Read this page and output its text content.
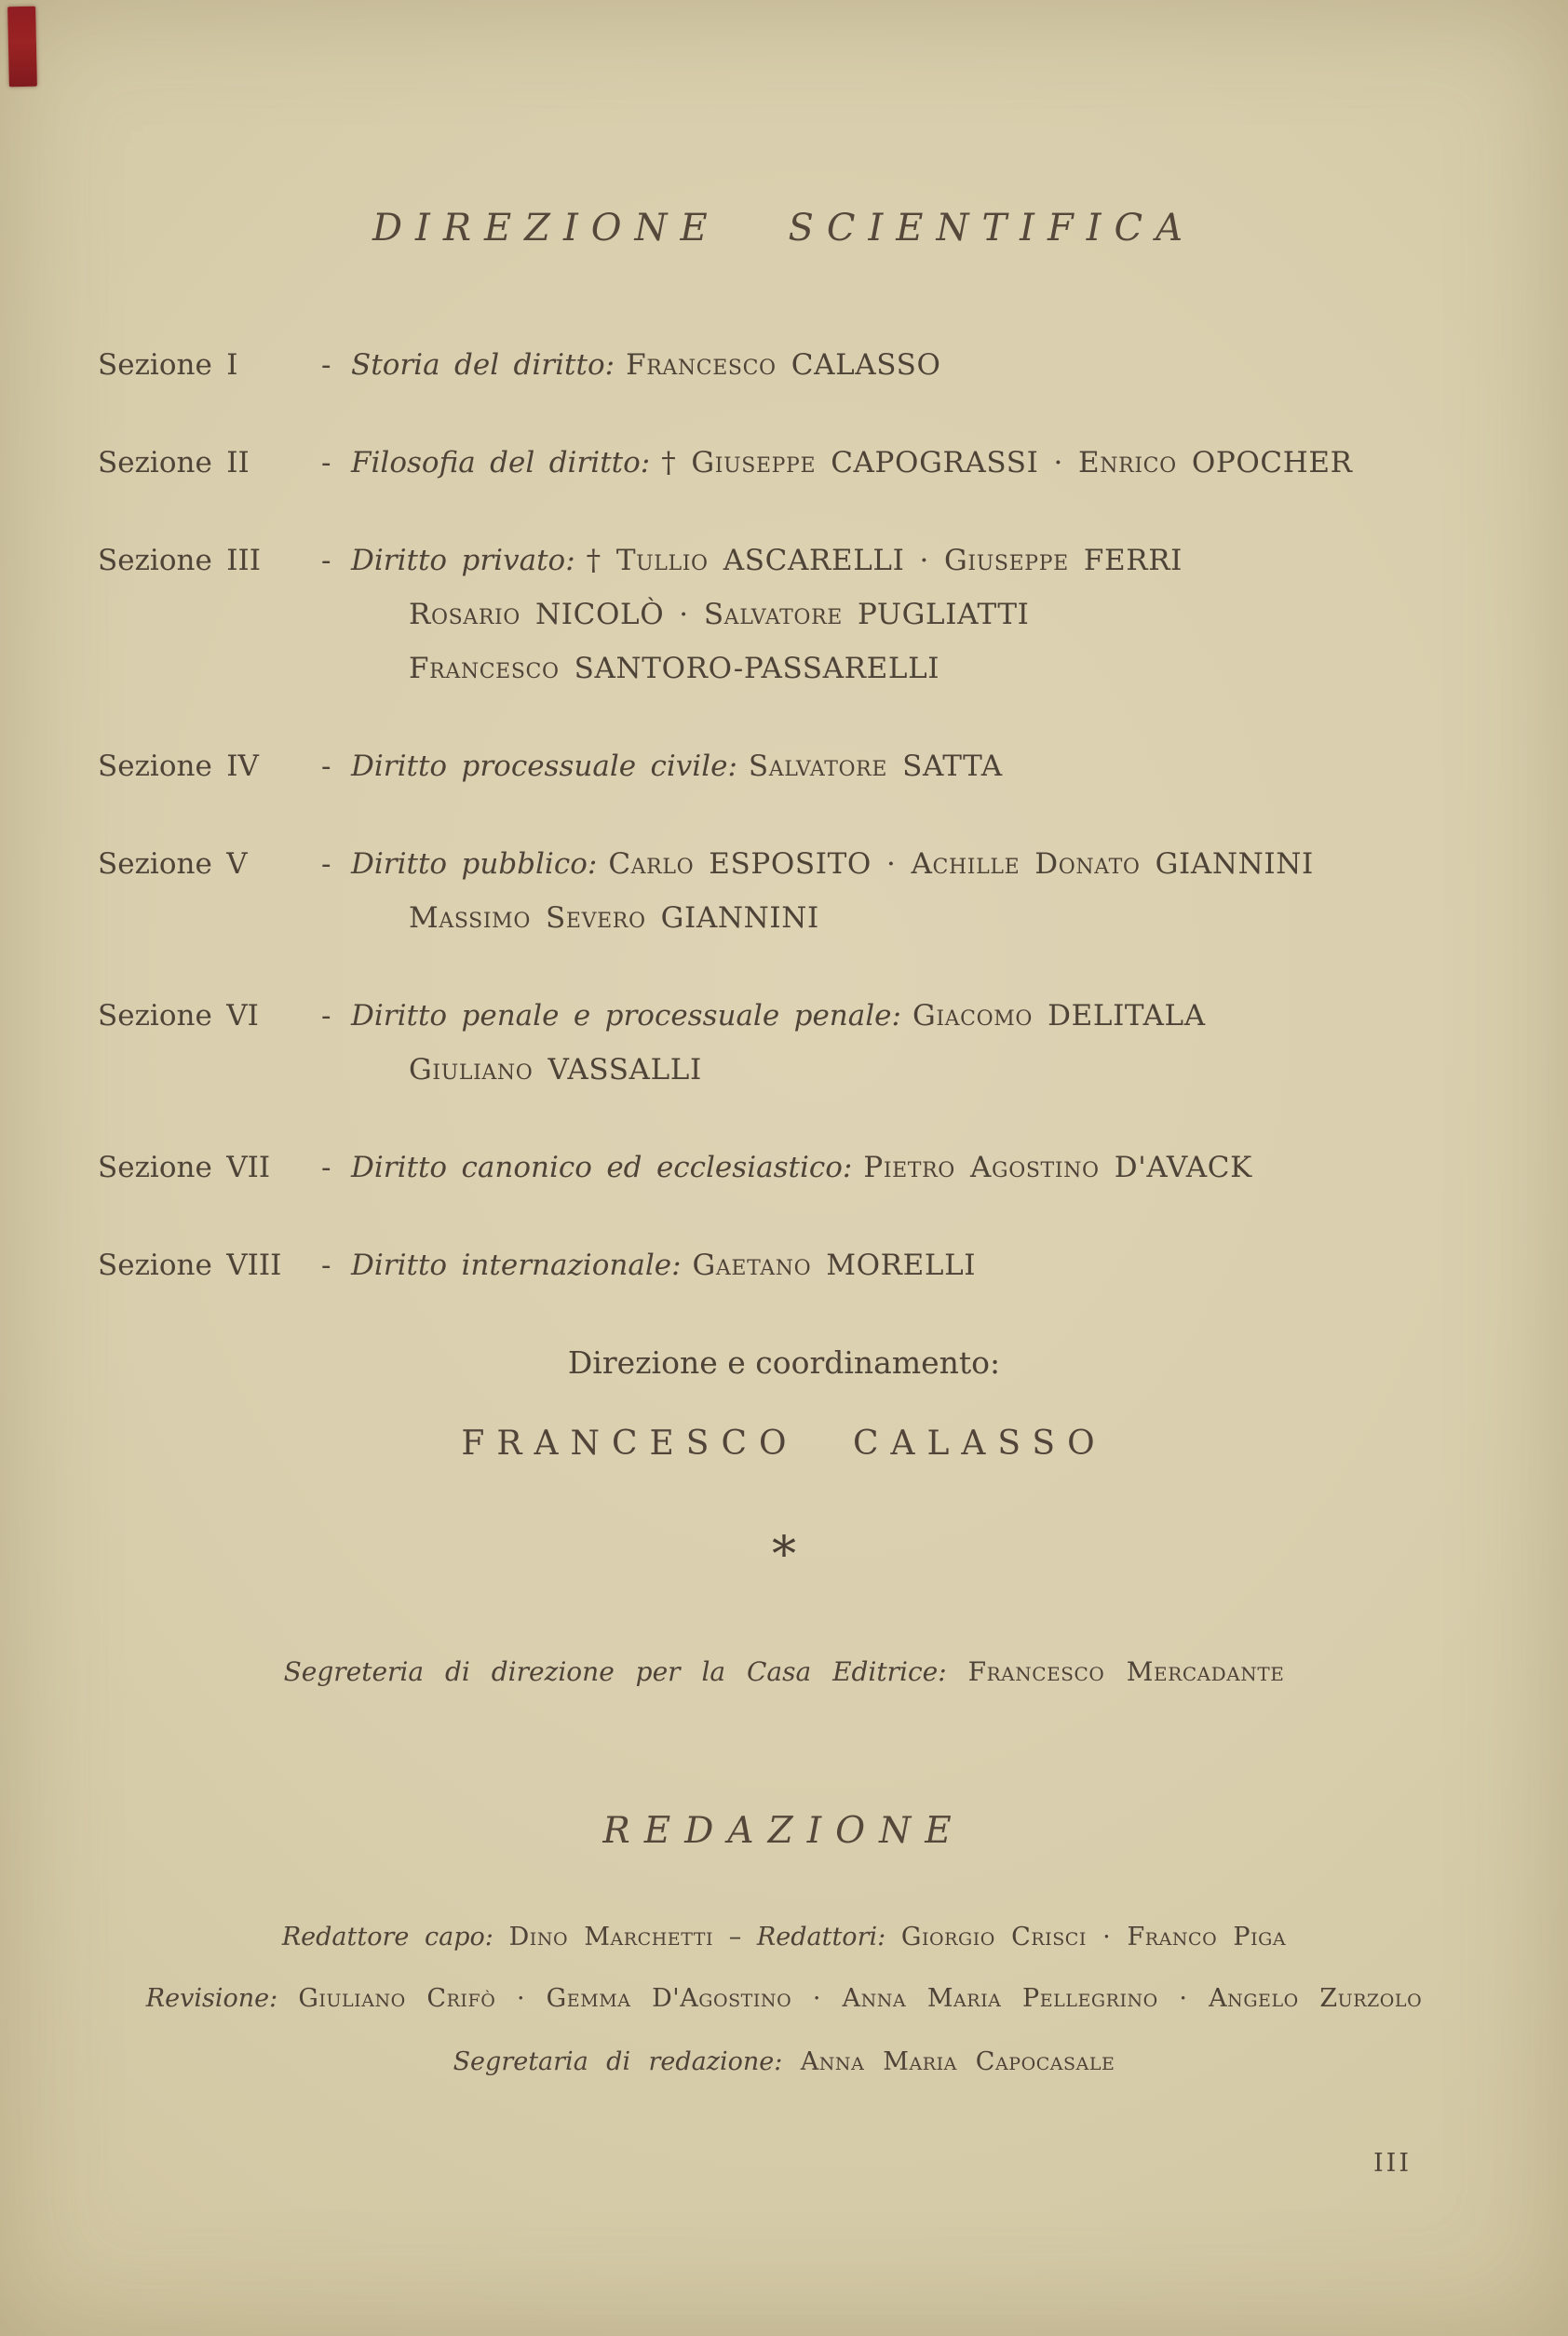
DIREZIONE SCIENTIFICA
Sezione I	- Storia del diritto: Francesco CALASSO
Sezione II	- Filosofia del diritto: † Giuseppe CAPOGRASSI · Enrico OPOCHER
Sezione III	- Diritto privato: † Tullio ASCARELLI · Giuseppe FERRI
Rosario NICOLÒ · Salvatore PUGLIATTI
Francesco SANTORO-PASSARELLI
Sezione IV	- Diritto processuale civile: Salvatore SATTA
Sezione V	- Diritto pubblico: Carlo ESPOSITO · Achille Donato GIANNINI
Massimo Severo GIANNINI
Sezione VI	- Diritto penale e processuale penale: Giacomo DELITALA
Giuliano VASSALLI
Sezione VII	- Diritto canonico ed ecclesiastico: Pietro Agostino D'AVACK
Sezione VIII	- Diritto internazionale: Gaetano MORELLI
Direzione e coordinamento:
FRANCESCO CALASSO
*
Segreteria di direzione per la Casa Editrice: Francesco Mercadante
REDAZIONE
Redattore capo: Dino Marchetti – Redattori: Giorgio Crisci · Franco Piga
Revisione: Giuliano Crifò · Gemma D'Agostino · Anna Maria Pellegrino · Angelo Zurzolo
Segretaria di redazione: Anna Maria Capocasale
III
